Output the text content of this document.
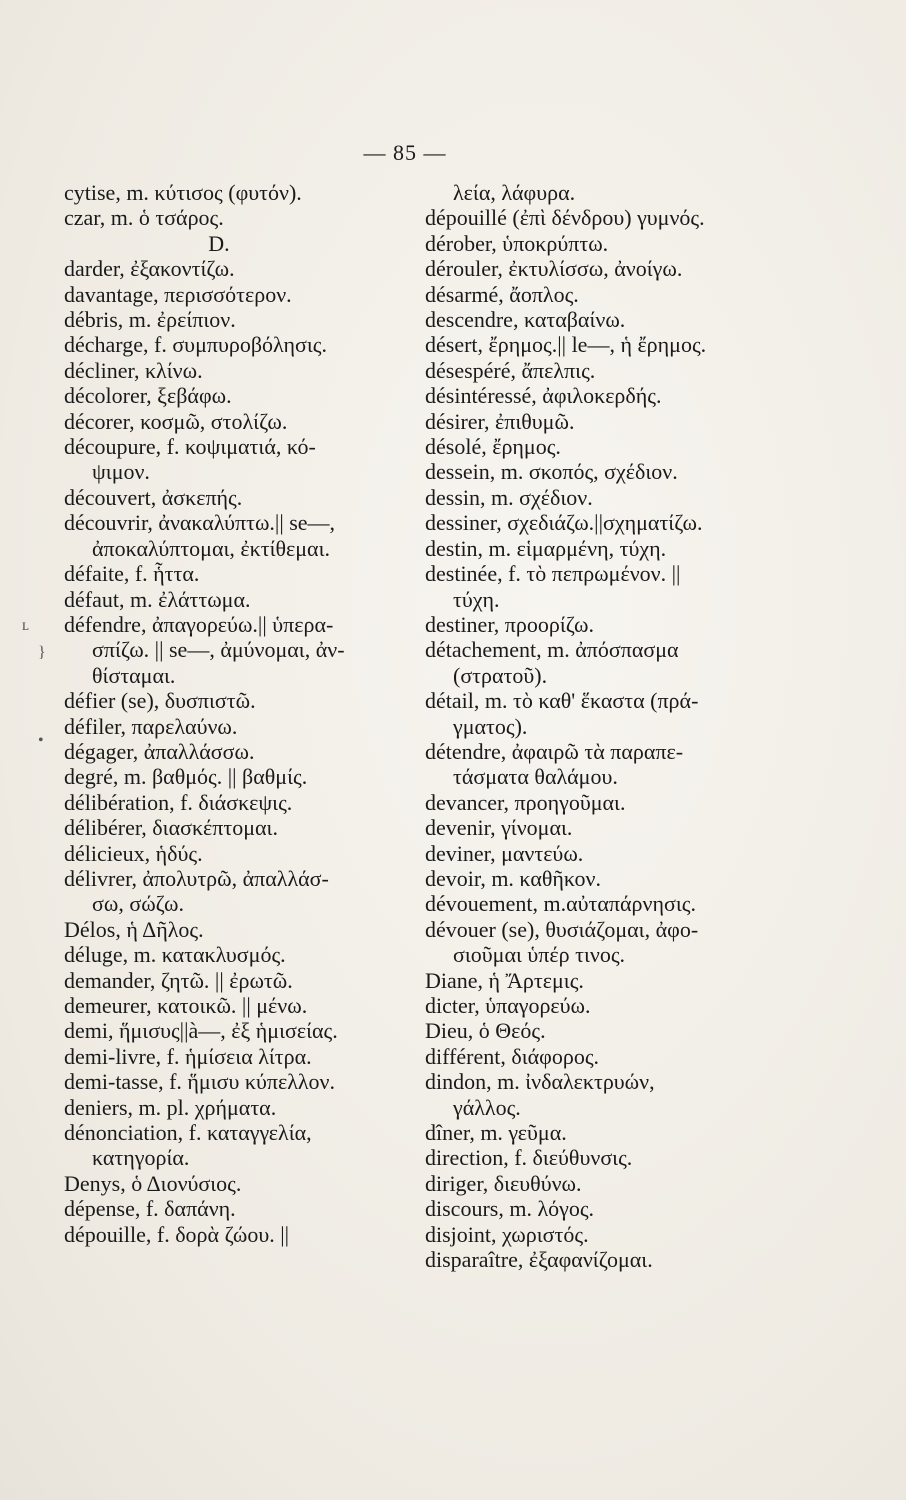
— 85 —

cytise, m. κύτισος (φυτόν).

czar, m. ὁ τσάρος.

D.

darder, ἐξακοντίζω.

davantage, περισσότερον.

débris, m. ἐρείπιον.

décharge, f. συμπυροβόλησις.

décliner, κλίνω.

décolorer, ξεβάφω.

décorer, κοσμῶ, στολίζω.

découpure, f. κοψιματιά, κό-

ψιμον.

découvert, ἀσκεπής.

découvrir, ἀνακαλύπτω.|| se—,

ἀποκαλύπτομαι, ἐκτίθεμαι.

défaite, f. ἧττα.

défaut, m. ἐλάττωμα.

défendre, ἀπαγορεύω.|| ὑπερα-

σπίζω. || se—, ἀμύνομαι, ἀν-

θίσταμαι.

défier (se), δυσπιστῶ.

défiler, παρελαύνω.

dégager, ἀπαλλάσσω.

degré, m. βαθμός. || βαθμίς.

délibération, f. διάσκεψις.

délibérer, διασκέπτομαι.

délicieux, ἡδύς.

délivrer, ἀπολυτρῶ, ἀπαλλάσ-

σω, σώζω.

Délos, ἡ Δῆλος.

déluge, m. κατακλυσμός.

demander, ζητῶ. || ἐρωτῶ.

demeurer, κατοικῶ. || μένω.

demi, ἥμισυς||à—, ἐξ ἡμισείας.

demi-livre, f. ἡμίσεια λίτρα.

demi-tasse, f. ἥμισυ κύπελλον.

deniers, m. pl. χρήματα.

dénonciation, f. καταγγελία,

κατηγορία.

Denys, ὁ Διονύσιος.

dépense, f. δαπάνη.

dépouille, f. δορὰ ζώου. ||

λεία, λάφυρα.

dépouillé (ἐπὶ δένδρου) γυμνός.

dérober, ὑποκρύπτω.

dérouler, ἐκτυλίσσω, ἀνοίγω.

désarmé, ἄοπλος.

descendre, καταβαίνω.

désert, ἔρημος.|| le—, ἡ ἔρημος.

désespéré, ἄπελπις.

désintéressé, ἀφιλοκερδής.

désirer, ἐπιθυμῶ.

désolé, ἔρημος.

dessein, m. σκοπός, σχέδιον.

dessin, m. σχέδιον.

dessiner, σχεδιάζω.||σχηματίζω.

destin, m. εἱμαρμένη, τύχη.

destinée, f. τὸ πεπρωμένον. ||

τύχη.

destiner, προορίζω.

détachement, m. ἀπόσπασμα

(στρατοῦ).

détail, m. τὸ καθ' ἕκαστα (πρά-

γματος).

détendre, ἀφαιρῶ τὰ παραπε-

τάσματα θαλάμου.

devancer, προηγοῦμαι.

devenir, γίνομαι.

deviner, μαντεύω.

devoir, m. καθῆκον.

dévouement, m.αὐταπάρνησις.

dévouer (se), θυσιάζομαι, ἀφο-

σιοῦμαι ὑπέρ τινος.

Diane, ἡ Ἄρτεμις.

dicter, ὑπαγορεύω.

Dieu, ὁ Θεός.

différent, διάφορος.

dindon, m. ἰνδαλεκτρυών,

γάλλος.

dîner, m. γεῦμα.

direction, f. διεύθυνσις.

diriger, διευθύνω.

discours, m. λόγος.

disjoint, χωριστός.

disparaître, ἐξαφανίζομαι.

ʟ
}
•
